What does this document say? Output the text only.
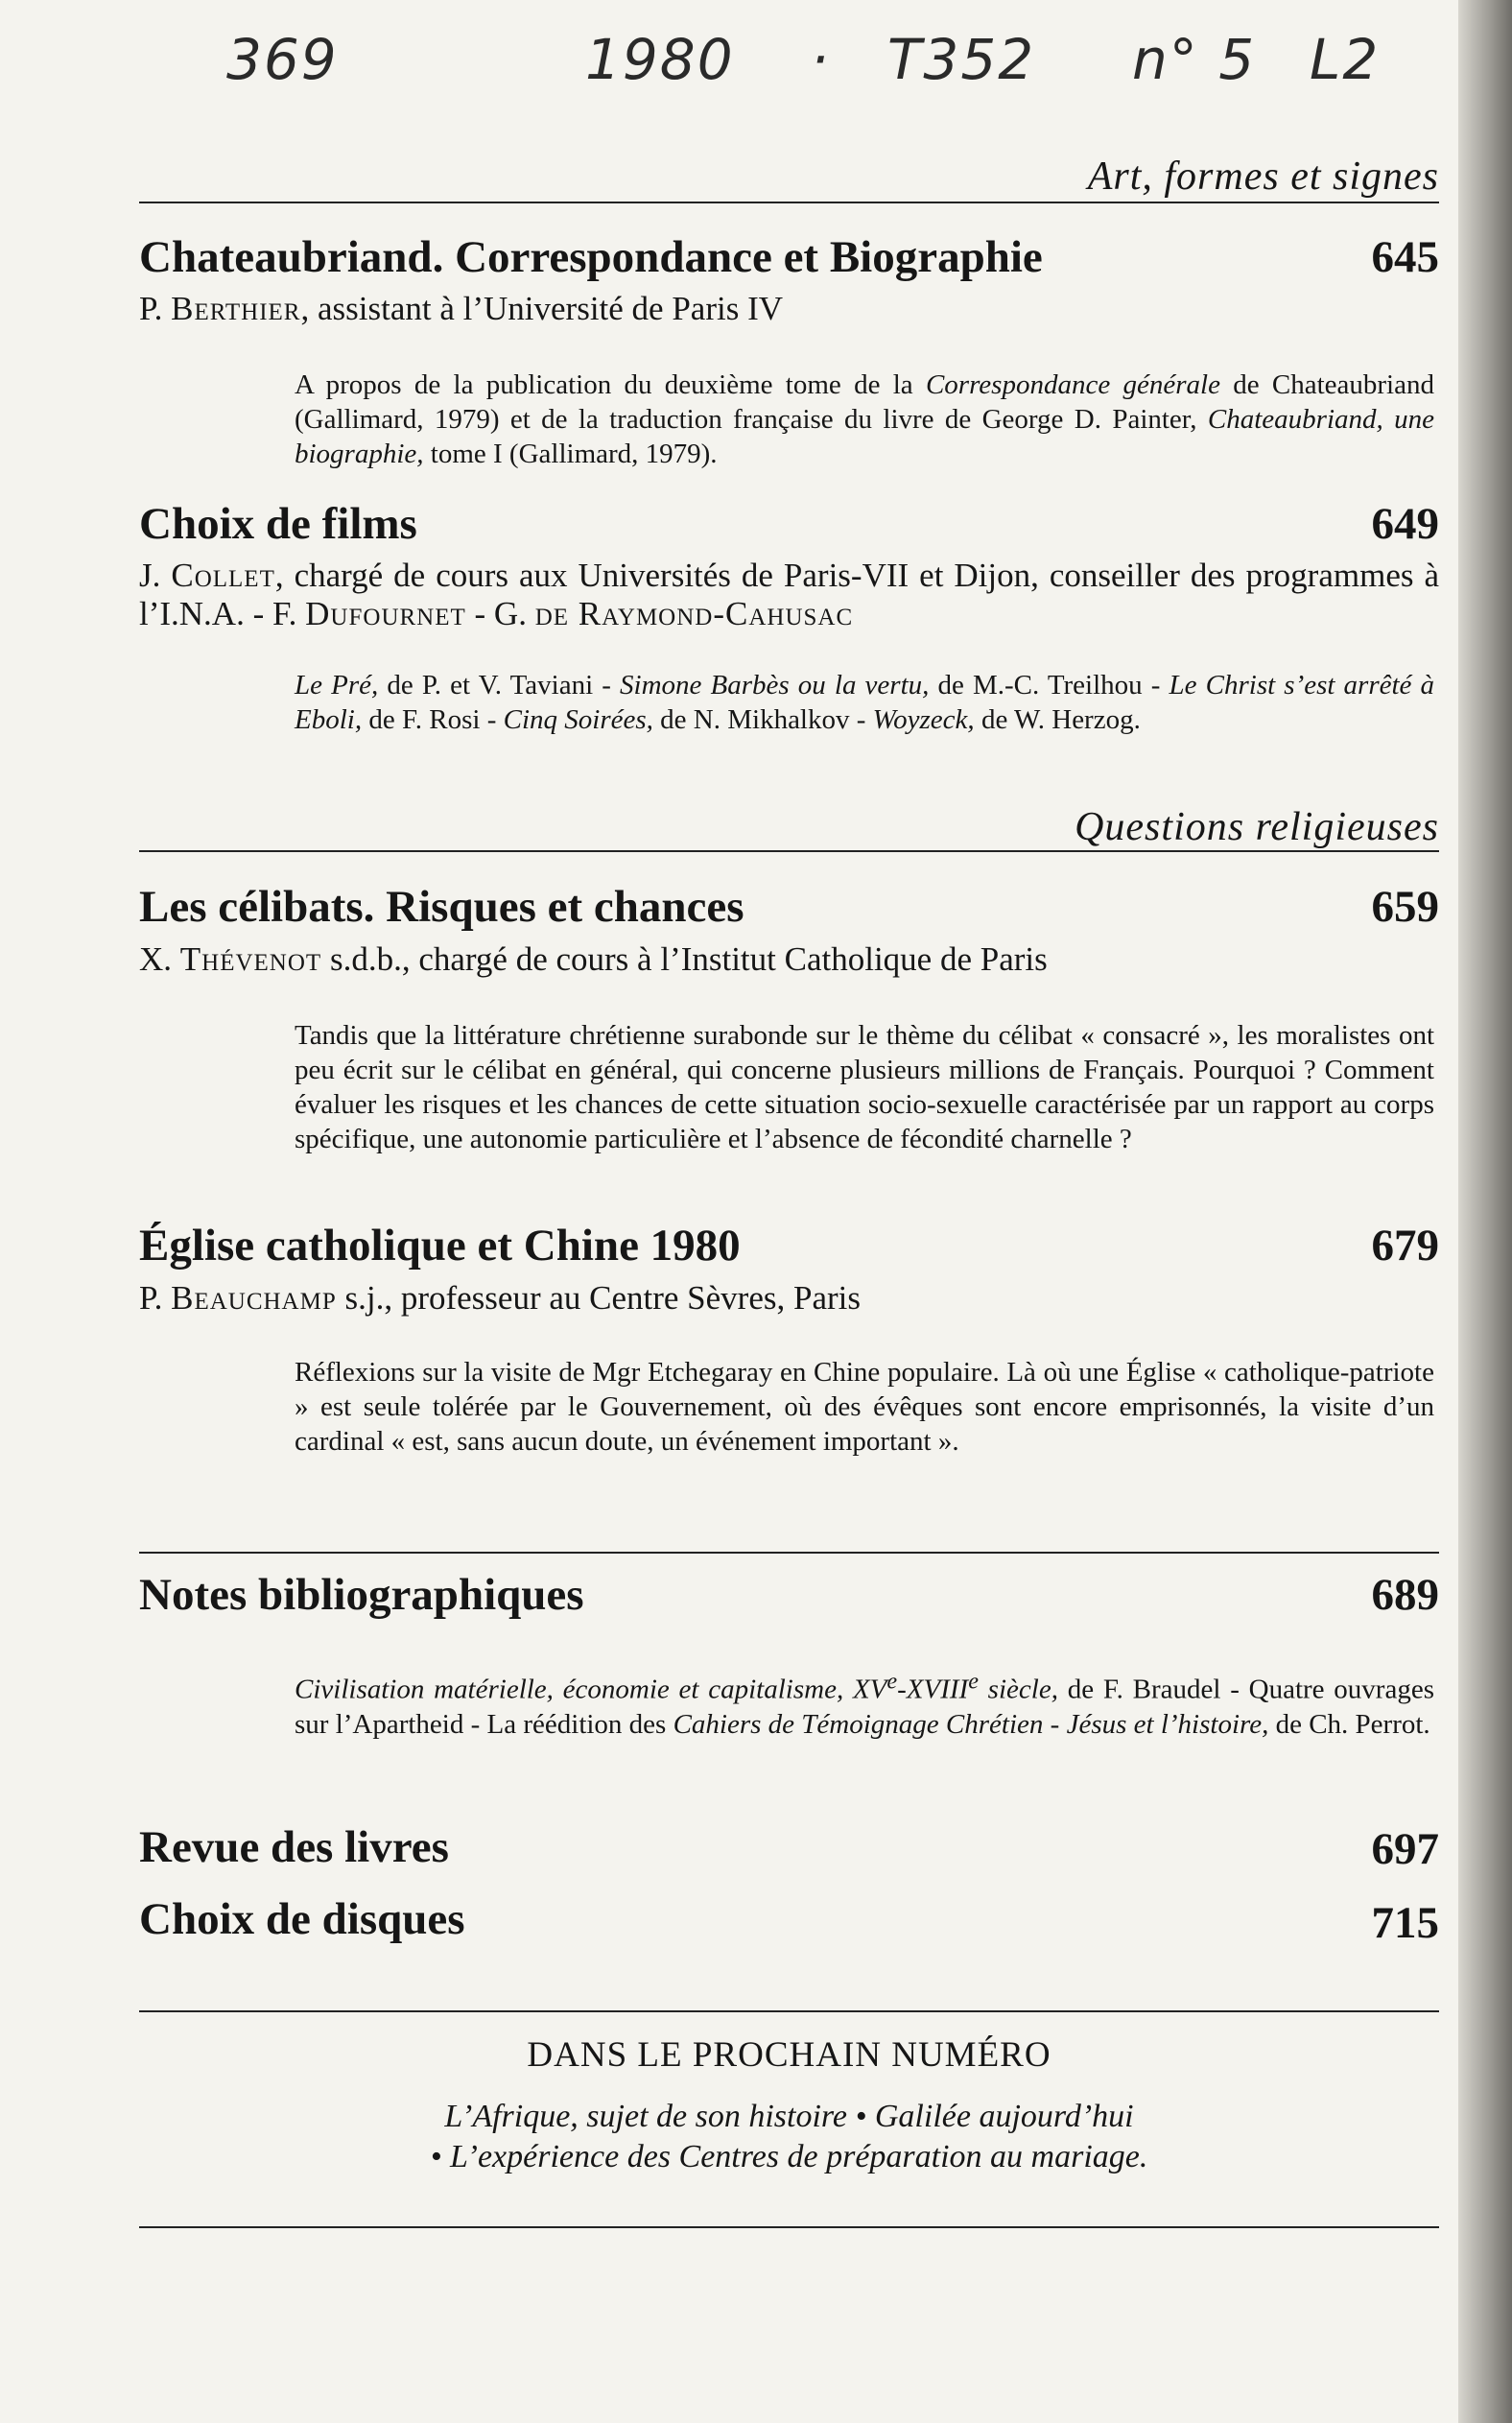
369	1980 · T352 n° 5 L2
Art, formes et signes
Chateaubriand. Correspondance et Biographie	645
P. Berthier, assistant à l’Université de Paris IV
A propos de la publication du deuxième tome de la Correspondance générale de Chateaubriand (Gallimard, 1979) et de la traduction française du livre de George D. Painter, Chateaubriand, une biographie, tome I (Gallimard, 1979).
Choix de films	649
J. Collet, chargé de cours aux Universités de Paris-VII et Dijon, conseiller des programmes à l’I.N.A. - F. Dufournet - G. de Raymond-Cahusac
Le Pré, de P. et V. Taviani - Simone Barbès ou la vertu, de M.-C. Treilhou - Le Christ s’est arrêté à Eboli, de F. Rosi - Cinq Soirées, de N. Mikhalkov - Woyzeck, de W. Herzog.
Questions religieuses
Les célibats. Risques et chances	659
X. Thévenot s.d.b., chargé de cours à l’Institut Catholique de Paris
Tandis que la littérature chrétienne surabonde sur le thème du célibat « consacré », les moralistes ont peu écrit sur le célibat en général, qui concerne plusieurs millions de Français. Pourquoi ? Comment évaluer les risques et les chances de cette situation socio-sexuelle caractérisée par un rapport au corps spécifique, une autonomie particulière et l’absence de fécondité charnelle ?
Église catholique et Chine 1980	679
P. Beauchamp s.j., professeur au Centre Sèvres, Paris
Réflexions sur la visite de Mgr Etchegaray en Chine populaire. Là où une Église « catholique-patriote » est seule tolérée par le Gouvernement, où des évêques sont encore emprisonnés, la visite d’un cardinal « est, sans aucun doute, un événement important ».
Notes bibliographiques	689
Civilisation matérielle, économie et capitalisme, XVe-XVIIIe siècle, de F. Braudel - Quatre ouvrages sur l’Apartheid - La réédition des Cahiers de Témoignage Chrétien - Jésus et l’histoire, de Ch. Perrot.
Revue des livres	697
Choix de disques	715
DANS LE PROCHAIN NUMÉRO
L’Afrique, sujet de son histoire • Galilée aujourd’hui
• L’expérience des Centres de préparation au mariage.
